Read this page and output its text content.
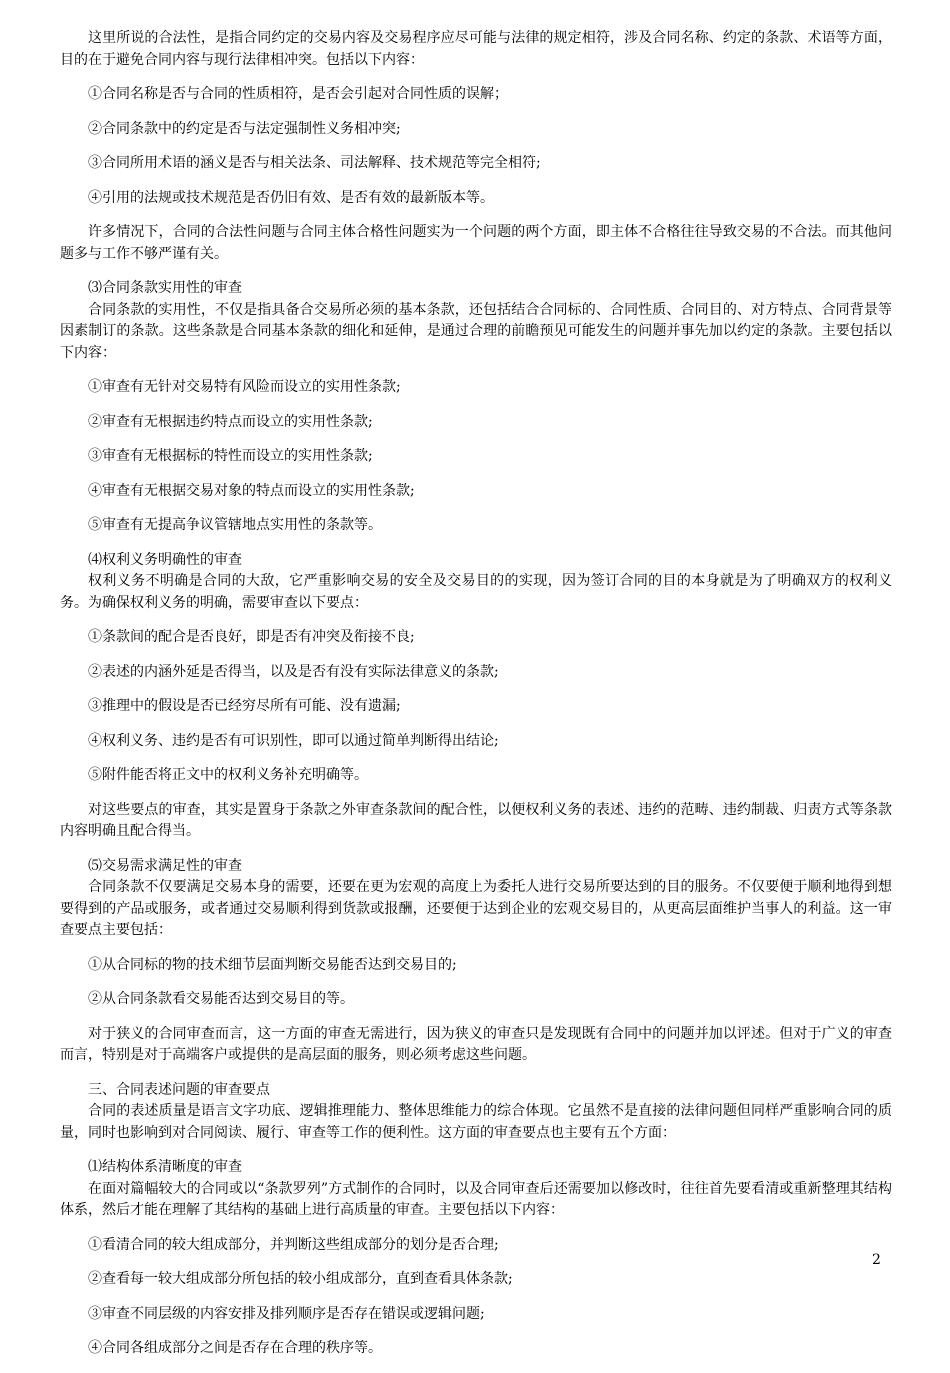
这里所说的合法性，是指合同约定的交易内容及交易程序应尽可能与法律的规定相符，涉及合同名称、约定的条款、术语等方面，目的在于避免合同内容与现行法律相冲突。包括以下内容：

①合同名称是否与合同的性质相符，是否会引起对合同性质的误解；

②合同条款中的约定是否与法定强制性义务相冲突;

③合同所用术语的涵义是否与相关法条、司法解释、技术规范等完全相符;

④引用的法规或技术规范是否仍旧有效、是否有效的最新版本等。

许多情况下，合同的合法性问题与合同主体合格性问题实为一个问题的两个方面，即主体不合格往往导致交易的不合法。而其他问题多与工作不够严谨有关。

⑶合同条款实用性的审查

合同条款的实用性，不仅是指具备合交易所必须的基本条款，还包括结合合同标的、合同性质、合同目的、对方特点、合同背景等因素制订的条款。这些条款是合同基本条款的细化和延伸，是通过合理的前瞻预见可能发生的问题并事先加以约定的条款。主要包括以下内容：

①审查有无针对交易特有风险而设立的实用性条款;

②审查有无根据违约特点而设立的实用性条款;

③审查有无根据标的特性而设立的实用性条款;

④审查有无根据交易对象的特点而设立的实用性条款;

⑤审查有无提高争议管辖地点实用性的条款等。

⑷权利义务明确性的审查

权利义务不明确是合同的大敌，它严重影响交易的安全及交易目的的实现，因为签订合同的目的本身就是为了明确双方的权利义务。为确保权利义务的明确，需要审查以下要点：

①条款间的配合是否良好，即是否有冲突及衔接不良;

②表述的内涵外延是否得当，以及是否有没有实际法律意义的条款;

③推理中的假设是否已经穷尽所有可能、没有遗漏;

④权利义务、违约是否有可识别性，即可以通过简单判断得出结论;

⑤附件能否将正文中的权利义务补充明确等。

对这些要点的审查，其实是置身于条款之外审查条款间的配合性，以便权利义务的表述、违约的范畴、违约制裁、归责方式等条款内容明确且配合得当。

⑸交易需求满足性的审查

合同条款不仅要满足交易本身的需要，还要在更为宏观的高度上为委托人进行交易所要达到的目的服务。不仅要便于顺利地得到想要得到的产品或服务，或者通过交易顺利得到货款或报酬，还要便于达到企业的宏观交易目的，从更高层面维护当事人的利益。这一审查要点主要包括：

①从合同标的物的技术细节层面判断交易能否达到交易目的;

②从合同条款看交易能否达到交易目的等。

对于狭义的合同审查而言，这一方面的审查无需进行，因为狭义的审查只是发现既有合同中的问题并加以评述。但对于广义的审查而言，特别是对于高端客户或提供的是高层面的服务，则必须考虑这些问题。

三、合同表述问题的审查要点

合同的表述质量是语言文字功底、逻辑推理能力、整体思维能力的综合体现。它虽然不是直接的法律问题但同样严重影响合同的质量，同时也影响到对合同阅读、履行、审查等工作的便利性。这方面的审查要点也主要有五个方面：

⑴结构体系清晰度的审查

在面对篇幅较大的合同或以“条款罗列”方式制作的合同时，以及合同审查后还需要加以修改时，往往首先要看清或重新整理其结构体系，然后才能在理解了其结构的基础上进行高质量的审查。主要包括以下内容：

①看清合同的较大组成部分，并判断这些组成部分的划分是否合理;

②查看每一较大组成部分所包括的较小组成部分，直到查看具体条款;

③审查不同层级的内容安排及排列顺序是否存在错误或逻辑问题;

④合同各组成部分之间是否存在合理的秩序等。

2
